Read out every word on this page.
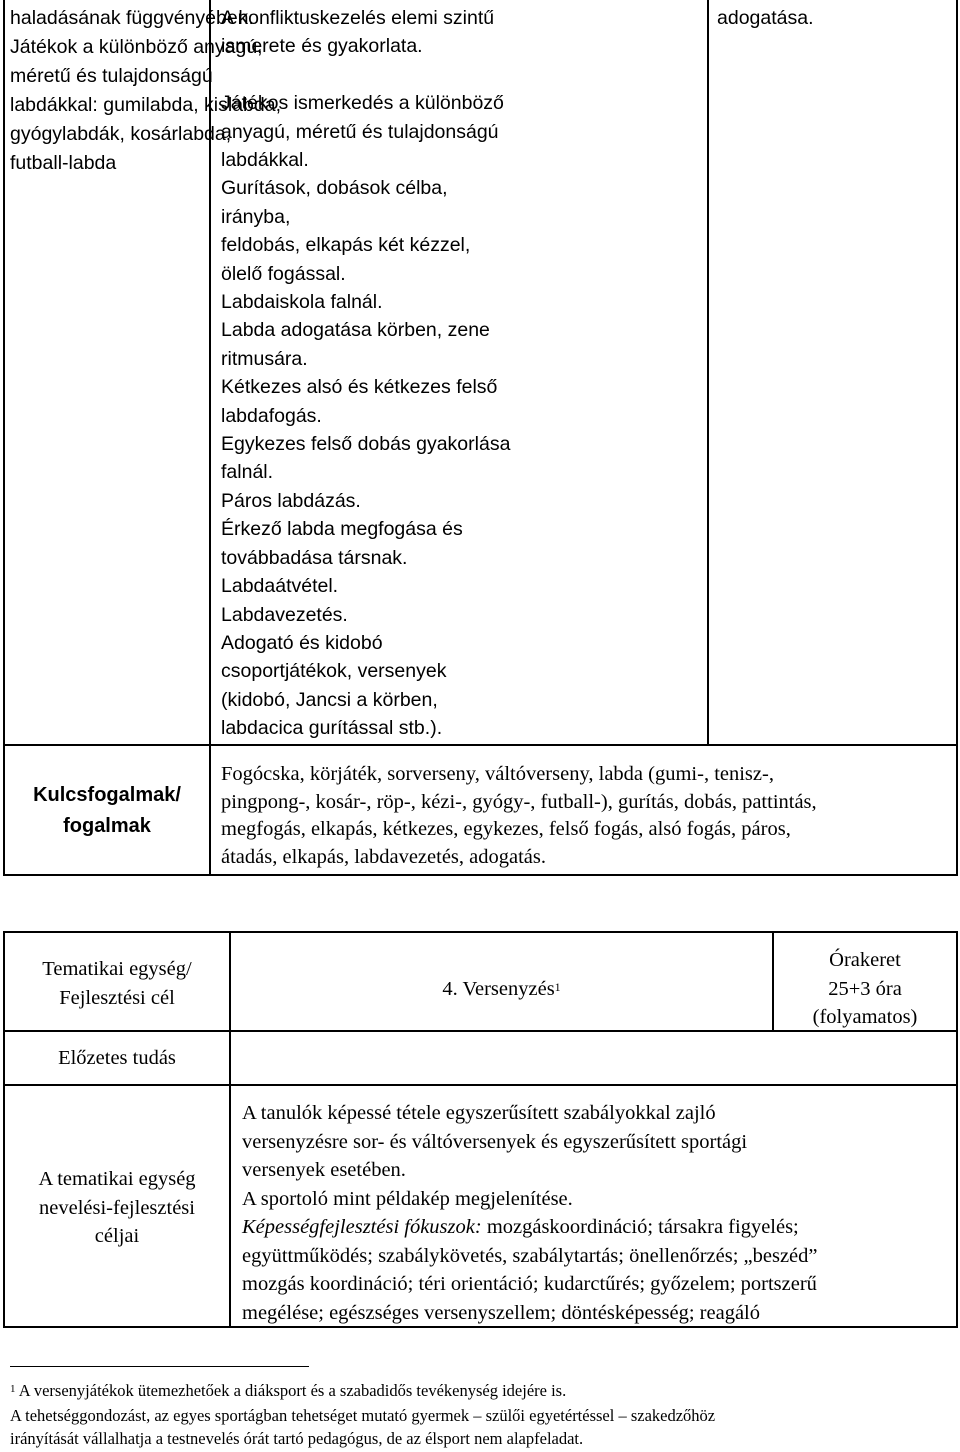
haladásának függvényében.
Játékok a különböző anyagú,
méretű és tulajdonságú
labdákkal: gumilabda, kislabda,
gyógylabdák, kosárlabda,
futball-labda
A konfliktuskezelés elemi szintű
ismerete és gyakorlata.
Játékos ismerkedés a különböző
anyagú, méretű és tulajdonságú
labdákkal.
Gurítások, dobások célba,
irányba,
feldobás, elkapás két kézzel,
ölelő fogással.
Labdaiskola falnál.
Labda adogatása körben, zene
ritmusára.
Kétkezes alsó és kétkezes felső
labdafogás.
Egykezes felső dobás gyakorlása
falnál.
Páros labdázás.
Érkező labda megfogása és
továbbadása társnak.
Labdaátvétel.
Labdavezetés.
Adogató és kidobó
csoportjátékok, versenyek
(kidobó, Jancsi a körben,
labdacica gurítással stb.).
adogatása.
Kulcsfogalmak/
fogalmak
Fogócska, körjáték, sorverseny, váltóverseny, labda (gumi-, tenisz-,
pingpong-, kosár-, röp-, kézi-, gyógy-, futball-), gurítás, dobás, pattintás,
megfogás, elkapás, kétkezes, egykezes, felső fogás, alsó fogás, páros,
átadás, elkapás, labdavezetés, adogatás.
Tematikai egység/
Fejlesztési cél	4. Versenyzés$^1$
Órakeret
25+3 óra
(folyamatos)
Előzetes tudás
A tematikai egység
nevelési-fejlesztési
céljai
A tanulók képessé tétele egyszerűsített szabályokkal zajló
versenyzésre sor- és váltóversenyek és egyszerűsített sportági
versenyek esetében.
A sportoló mint példakép megjelenítése.
Képességfejlesztési fókuszok: mozgáskoordináció; társakra figyelés;
együttműködés; szabálykövetés, szabálytartás; önellenőrzés; „beszéd”
mozgás koordináció; téri orientáció; kudarctűrés; győzelem; portszerű
megélése; egészséges versenyszellem; döntésképesség; reagáló
$^1$ A versenyjátékok ütemezhetőek a diáksport és a szabadidős tevékenység idejére is.
A tehetséggondozást, az egyes sportágban tehetséget mutató gyermek – szülői egyetértéssel – szakedzőhöz
irányítását vállalhatja a testnevelés órát tartó pedagógus, de az élsport nem alapfeladat.
